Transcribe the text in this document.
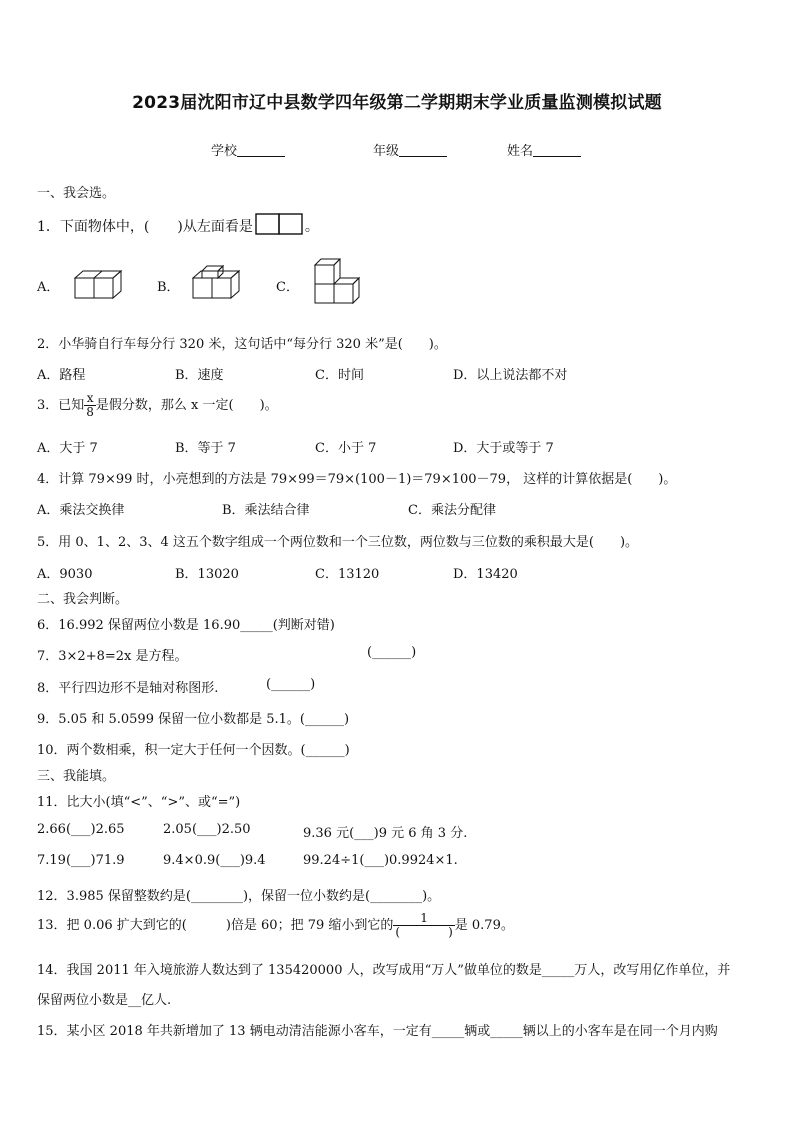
2023届沈阳市辽中县数学四年级第二学期期末学业质量监测模拟试题
学校	年级	姓名
一、我会选。
1．下面物体中，(　　)从左面看是	。
A．	B．	C．
2．小华骑自行车每分行 320 米，这句话中“每分行 320 米”是(　　)。
A．路程	B．速度	C．时间	D．以上说法都不对
3．已知 $\frac{x}{8}$ 是假分数，那么 x 一定(　　)。
A．大于 7	B．等于 7	C．小于 7	D．大于或等于 7
4．计算 79×99 时，小亮想到的方法是 79×99＝79×(100－1)＝79×100－79， 这样的计算依据是(　　)。
A．乘法交换律	B．乘法结合律	C．乘法分配律
5．用 0、1、2、3、4 这五个数字组成一个两位数和一个三位数，两位数与三位数的乘积最大是(　　)。
A．9030	B．13020	C．13120	D．13420
二、我会判断。
6．16.992 保留两位小数是 16.90_____(判断对错)
7．3×2+8=2x 是方程。	(______)
8．平行四边形不是轴对称图形.	(______)
9．5.05 和 5.0599 保留一位小数都是 5.1。(______)
10．两个数相乘，积一定大于任何一个因数。(______)
三、我能填。
11．比大小(填“<”、“>”、或“=”)
2.66(___)2.65	2.05(___)2.50	9.36 元(___)9 元 6 角 3 分.
7.19(___)71.9	9.4×0.9(___)9.4	99.24÷1(___)0.9924×1.
12．3.985 保留整数约是(________)，保留一位小数约是(________)。
13．把 0.06 扩大到它的(　　　)倍是 60；把 79 缩小到它的 $\frac{1}{( )}$ 是 0.79。
14．我国 2011 年入境旅游人数达到了 135420000 人，改写成用“万人”做单位的数是_____万人，改写用亿作单位，并
保留两位小数是__亿人.
15．某小区 2018 年共新增加了 13 辆电动清洁能源小客车，一定有_____辆或_____辆以上的小客车是在同一个月内购
